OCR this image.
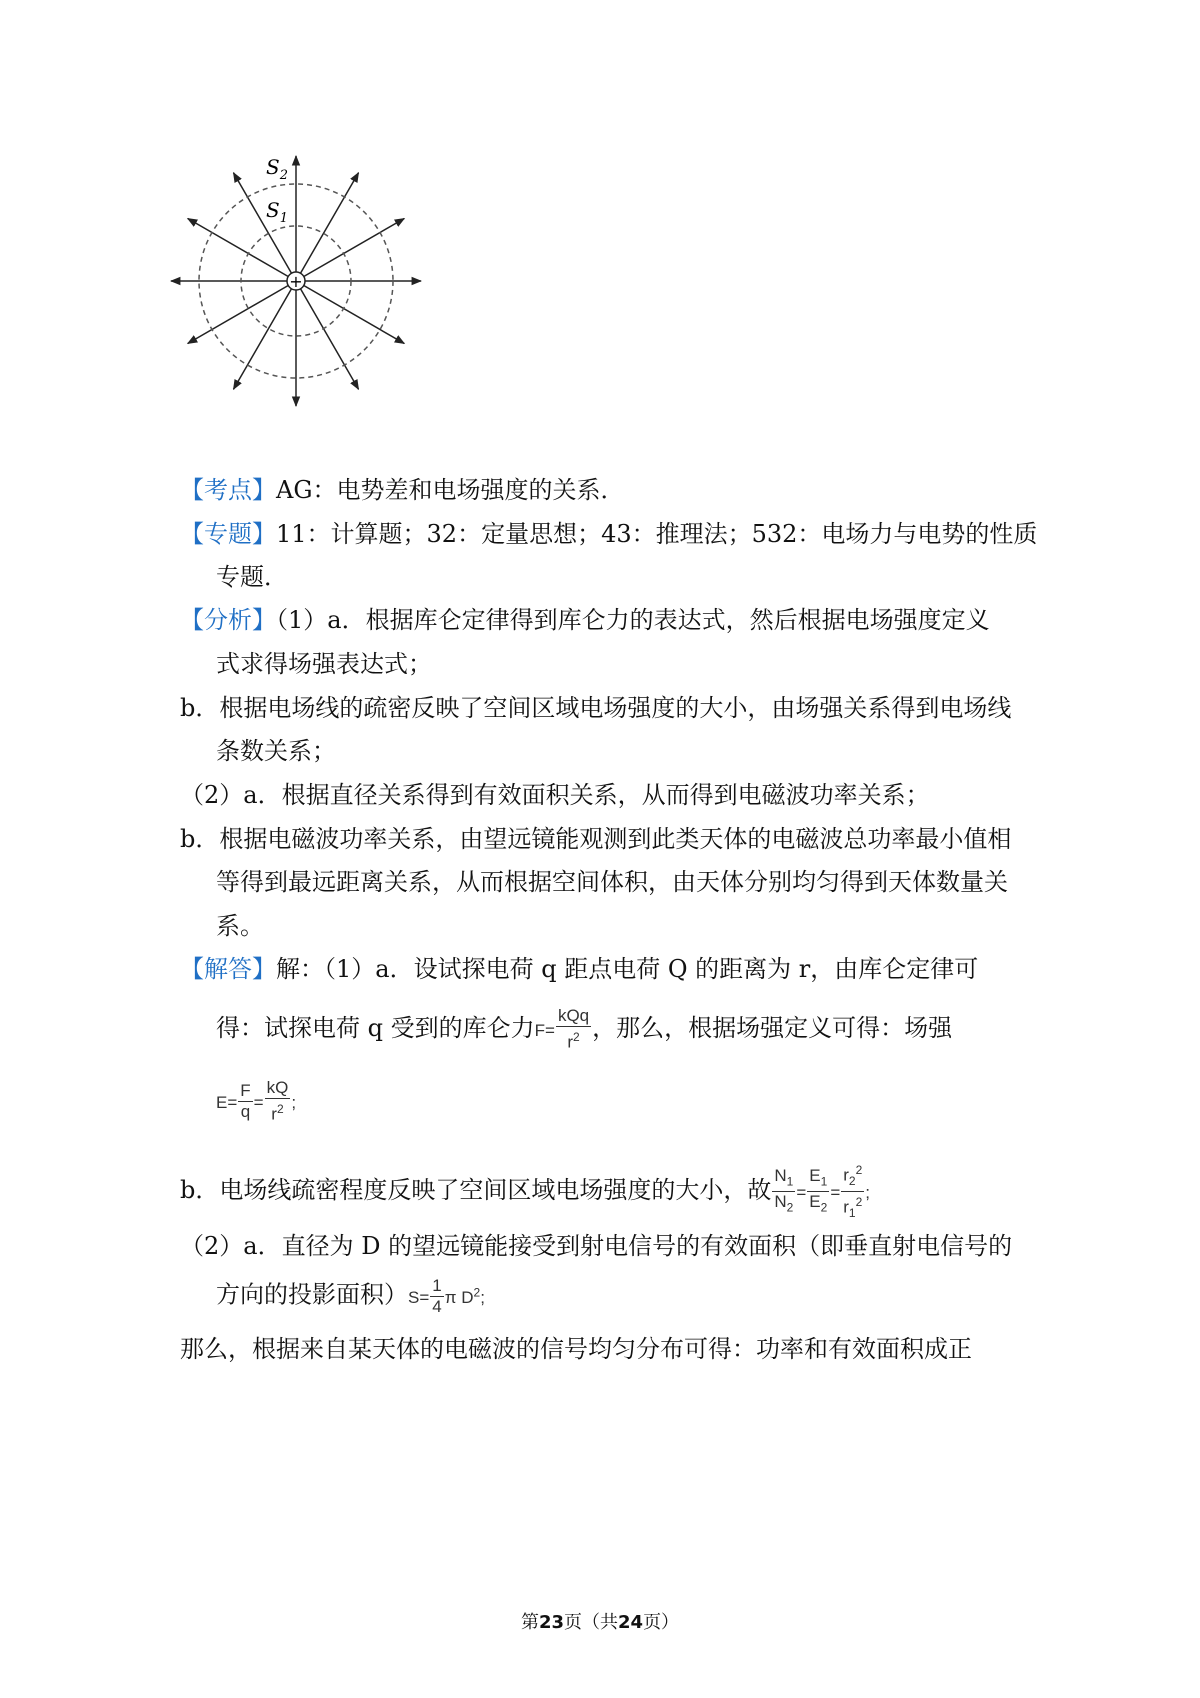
+
$S_2$
$S_1$
【考点】AG：电势差和电场强度的关系．
【专题】11：计算题；32：定量思想；43：推理法；532：电场力与电势的性质
专题．
【分析】（1）a．根据库仑定律得到库仑力的表达式，然后根据电场强度定义
式求得场强表达式；
b．根据电场线的疏密反映了空间区域电场强度的大小，由场强关系得到电场线
条数关系；
（2）a．根据直径关系得到有效面积关系，从而得到电磁波功率关系；
b．根据电磁波功率关系，由望远镜能观测到此类天体的电磁波总功率最小值相
等得到最远距离关系，从而根据空间体积，由天体分别均匀得到天体数量关
系。
【解答】解：（1）a．设试探电荷 q 距点电荷 Q 的距离为 r，由库仑定律可
得：试探电荷 q 受到的库仑力$F= \frac{\text{kQq}}{r^2}$ ，那么，根据场强定义可得：场强
$E= \frac{F}{q} = \frac{kQ}{r^2}$ ;
b．电场线疏密程度反映了空间区域电场强度的大小，故 $\frac{N_1}{N_2} = \frac{E_1}{E_2} = \frac{r_2^2}{r_1^2}$ ;
（2）a．直径为 D 的望远镜能接受到射电信号的有效面积（即垂直射电信号的
方向的投影面积）$S= \frac{1}{4}$ π $D^2$;
那么，根据来自某天体的电磁波的信号均匀分布可得：功率和有效面积成正
第23页（共24页）
